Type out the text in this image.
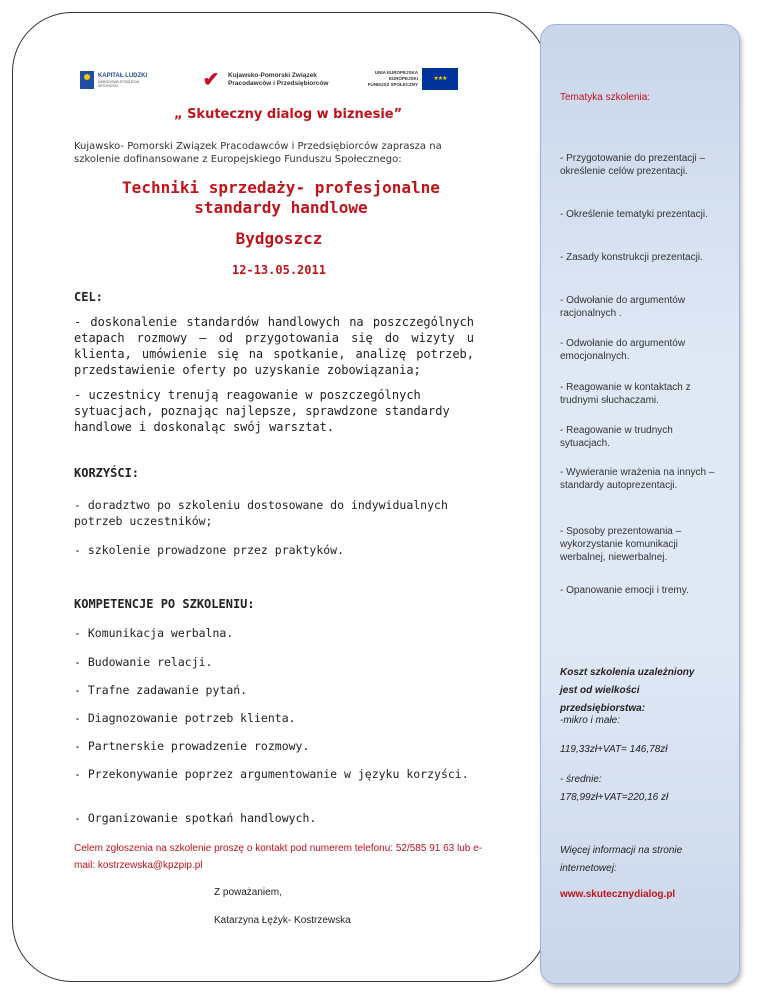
KAPITAŁ LUDZKI
NARODOWA STRATEGIA SPÓJNOŚCI	✔	Kujawsko-Pomorski Związek
Pracodawców i Przedsiębiorców
UNIA EUROPEJSKA
EUROPEJSKI
FUNDUSZ SPOŁECZNY
★★★
„ Skuteczny dialog w biznesie”
Kujawsko- Pomorski Związek Pracodawców i Przedsiębiorców zaprasza na szkolenie dofinansowane z Europejskiego Funduszu Społecznego:
Techniki sprzedaży- profesjonalne standardy handlowe
Bydgoszcz
12-13.05.2011
CEL:
- doskonalenie standardów handlowych na poszczególnych etapach rozmowy – od przygotowania się do wizyty u klienta, umówienie się na spotkanie, analizę potrzeb, przedstawienie oferty po uzyskanie zobowiązania;
- uczestnicy trenują reagowanie w poszczególnych sytuacjach, poznając najlepsze, sprawdzone standardy handlowe i doskonaląc swój warsztat.
KORZYŚCI:
- doradztwo po szkoleniu dostosowane do indywidualnych potrzeb uczestników;
- szkolenie prowadzone przez praktyków.
KOMPETENCJE PO SZKOLENIU:
- Komunikacja werbalna.
- Budowanie relacji.
- Trafne zadawanie pytań.
- Diagnozowanie potrzeb klienta.
- Partnerskie prowadzenie rozmowy.
- Przekonywanie poprzez argumentowanie w języku korzyści.
- Organizowanie spotkań handlowych.
Celem zgłoszenia na szkolenie proszę o kontakt pod numerem telefonu: 52/585 91 63 lub e-mail: kostrzewska@kpzpip.pl
Z poważaniem,
Katarzyna Łężyk- Kostrzewska
Tematyka szkolenia:
- Przygotowanie do prezentacji – określenie celów prezentacji.
- Określenie tematyki prezentacji.
- Zasady konstrukcji prezentacji.
- Odwołanie do argumentów racjonalnych .
- Odwołanie do argumentów emocjonalnych.
- Reagowanie w kontaktach z trudnymi słuchaczami.
- Reagowanie w trudnych sytuacjach.
- Wywieranie wrażenia na innych – standardy autoprezentacji.
- Sposoby prezentowania – wykorzystanie komunikacji werbalnej, niewerbalnej.
- Opanowanie emocji i tremy.
Koszt szkolenia uzależniony jest od wielkości przedsiębiorstwa:
-mikro i małe:
119,33zł+VAT= 146,78zł
- średnie:
178,99zł+VAT=220,16 zł
Więcej informacji na stronie internetowej:
www.skutecznydialog.pl
